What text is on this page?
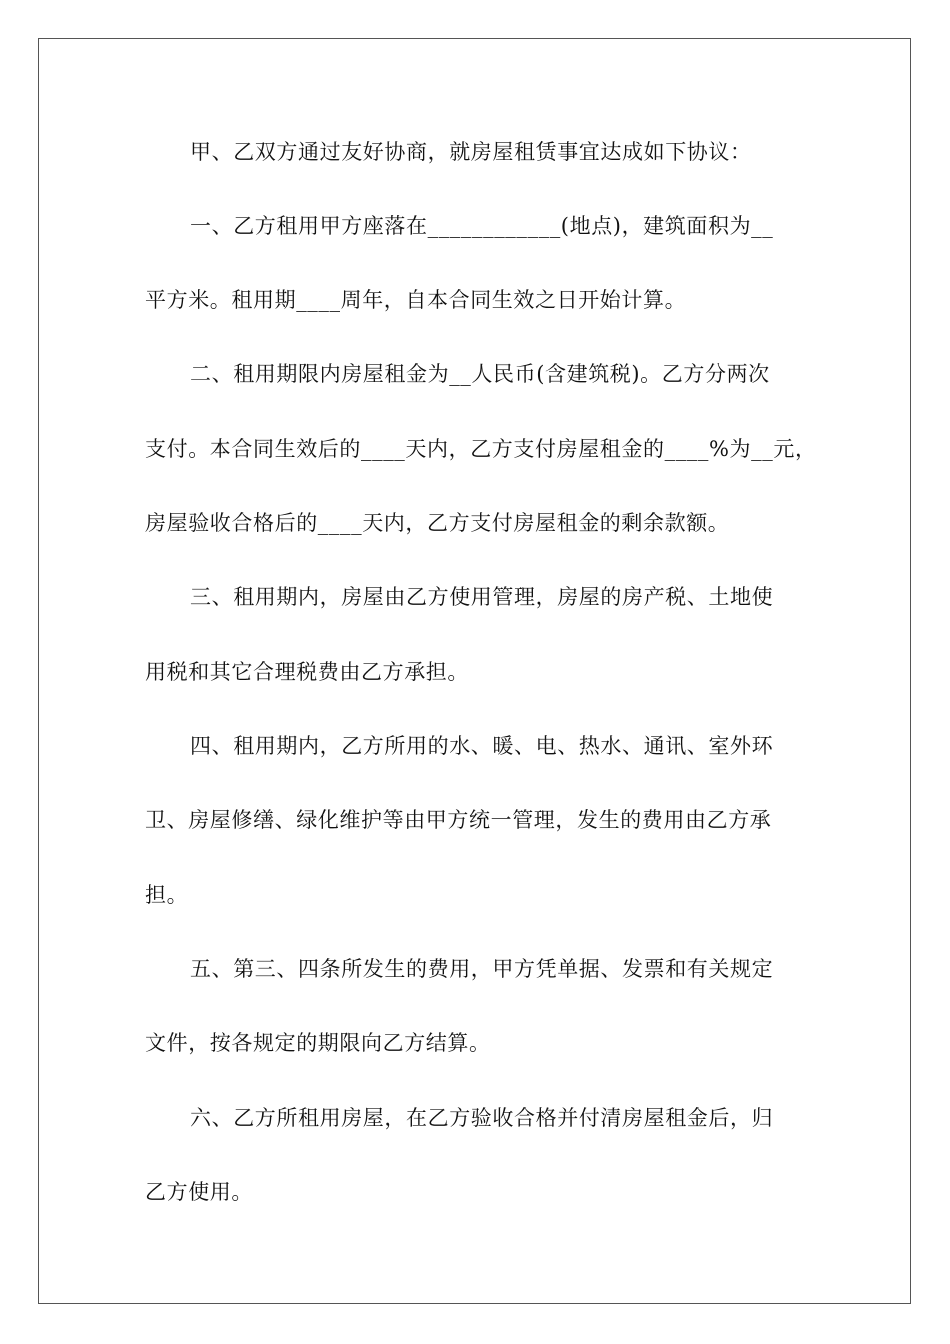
甲、乙双方通过友好协商，就房屋租赁事宜达成如下协议：
一、乙方租用甲方座落在____________(地点)，建筑面积为__
平方米。租用期____周年，自本合同生效之日开始计算。
二、租用期限内房屋租金为__人民币(含建筑税)。乙方分两次
支付。本合同生效后的____天内，乙方支付房屋租金的____%为__元，
房屋验收合格后的____天内，乙方支付房屋租金的剩余款额。
三、租用期内，房屋由乙方使用管理，房屋的房产税、土地使
用税和其它合理税费由乙方承担。
四、租用期内，乙方所用的水、暖、电、热水、通讯、室外环
卫、房屋修缮、绿化维护等由甲方统一管理，发生的费用由乙方承
担。
五、第三、四条所发生的费用，甲方凭单据、发票和有关规定
文件，按各规定的期限向乙方结算。
六、乙方所租用房屋，在乙方验收合格并付清房屋租金后，归
乙方使用。
